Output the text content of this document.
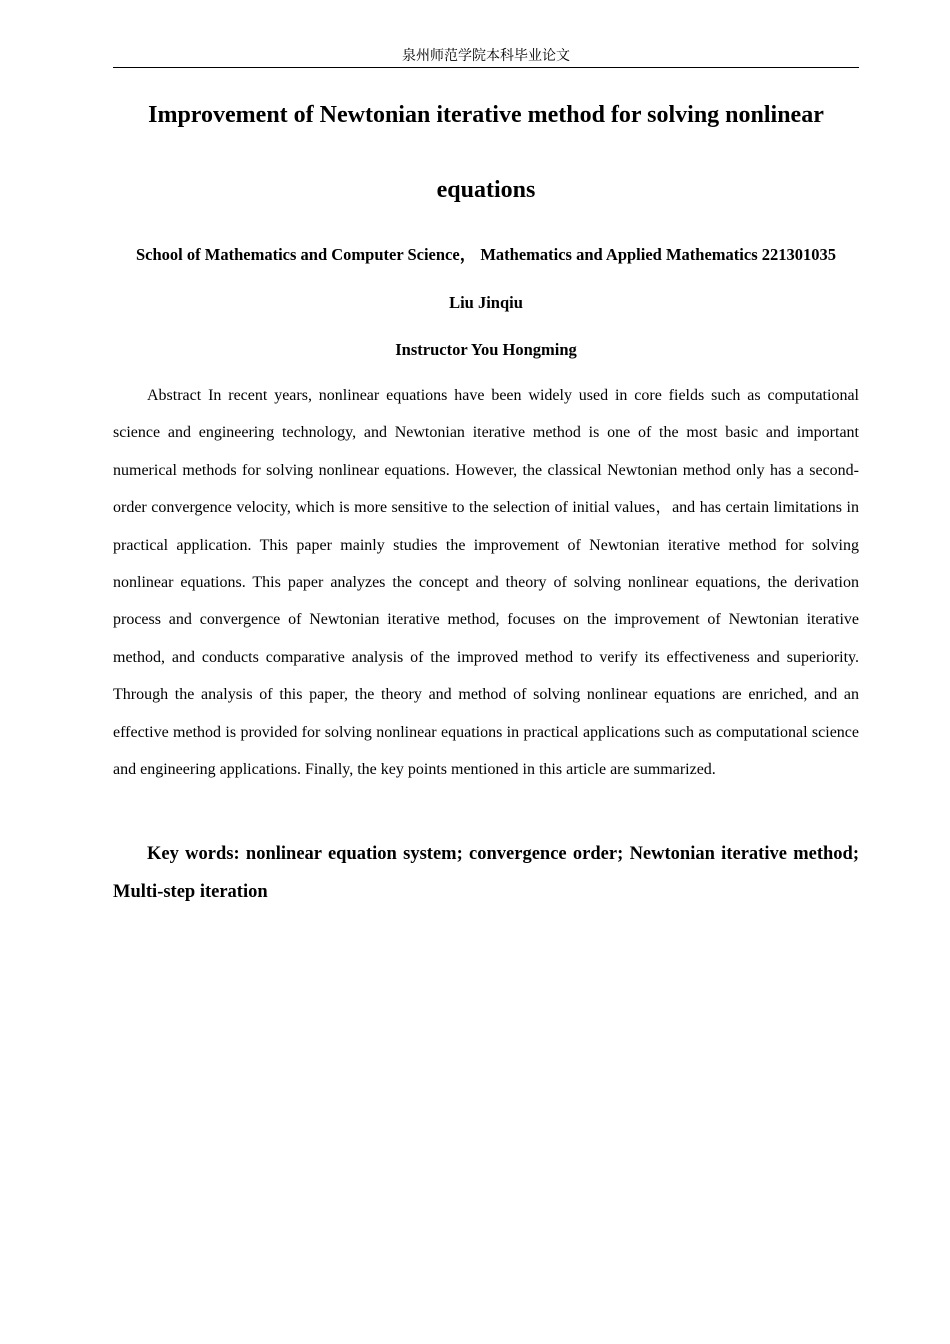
泉州师范学院本科毕业论文
Improvement of Newtonian iterative method for solving nonlinear
equations
School of Mathematics and Computer Science， Mathematics and Applied Mathematics 221301035
Liu Jinqiu
Instructor You Hongming

Abstract In recent years, nonlinear equations have been widely used in core fields such as computational science and engineering technology, and Newtonian iterative method is one of the most basic and important numerical methods for solving nonlinear equations. However, the classical Newtonian method only has a second-order convergence velocity, which is more sensitive to the selection of initial values，and has certain limitations in practical application. This paper mainly studies the improvement of Newtonian iterative method for solving nonlinear equations. This paper analyzes the concept and theory of solving nonlinear equations, the derivation process and convergence of Newtonian iterative method, focuses on the improvement of Newtonian iterative method, and conducts comparative analysis of the improved method to verify its effectiveness and superiority. Through the analysis of this paper, the theory and method of solving nonlinear equations are enriched, and an effective method is provided for solving nonlinear equations in practical applications such as computational science and engineering applications. Finally, the key points mentioned in this article are summarized.

Key words: nonlinear equation system; convergence order; Newtonian iterative method; Multi-step iteration
